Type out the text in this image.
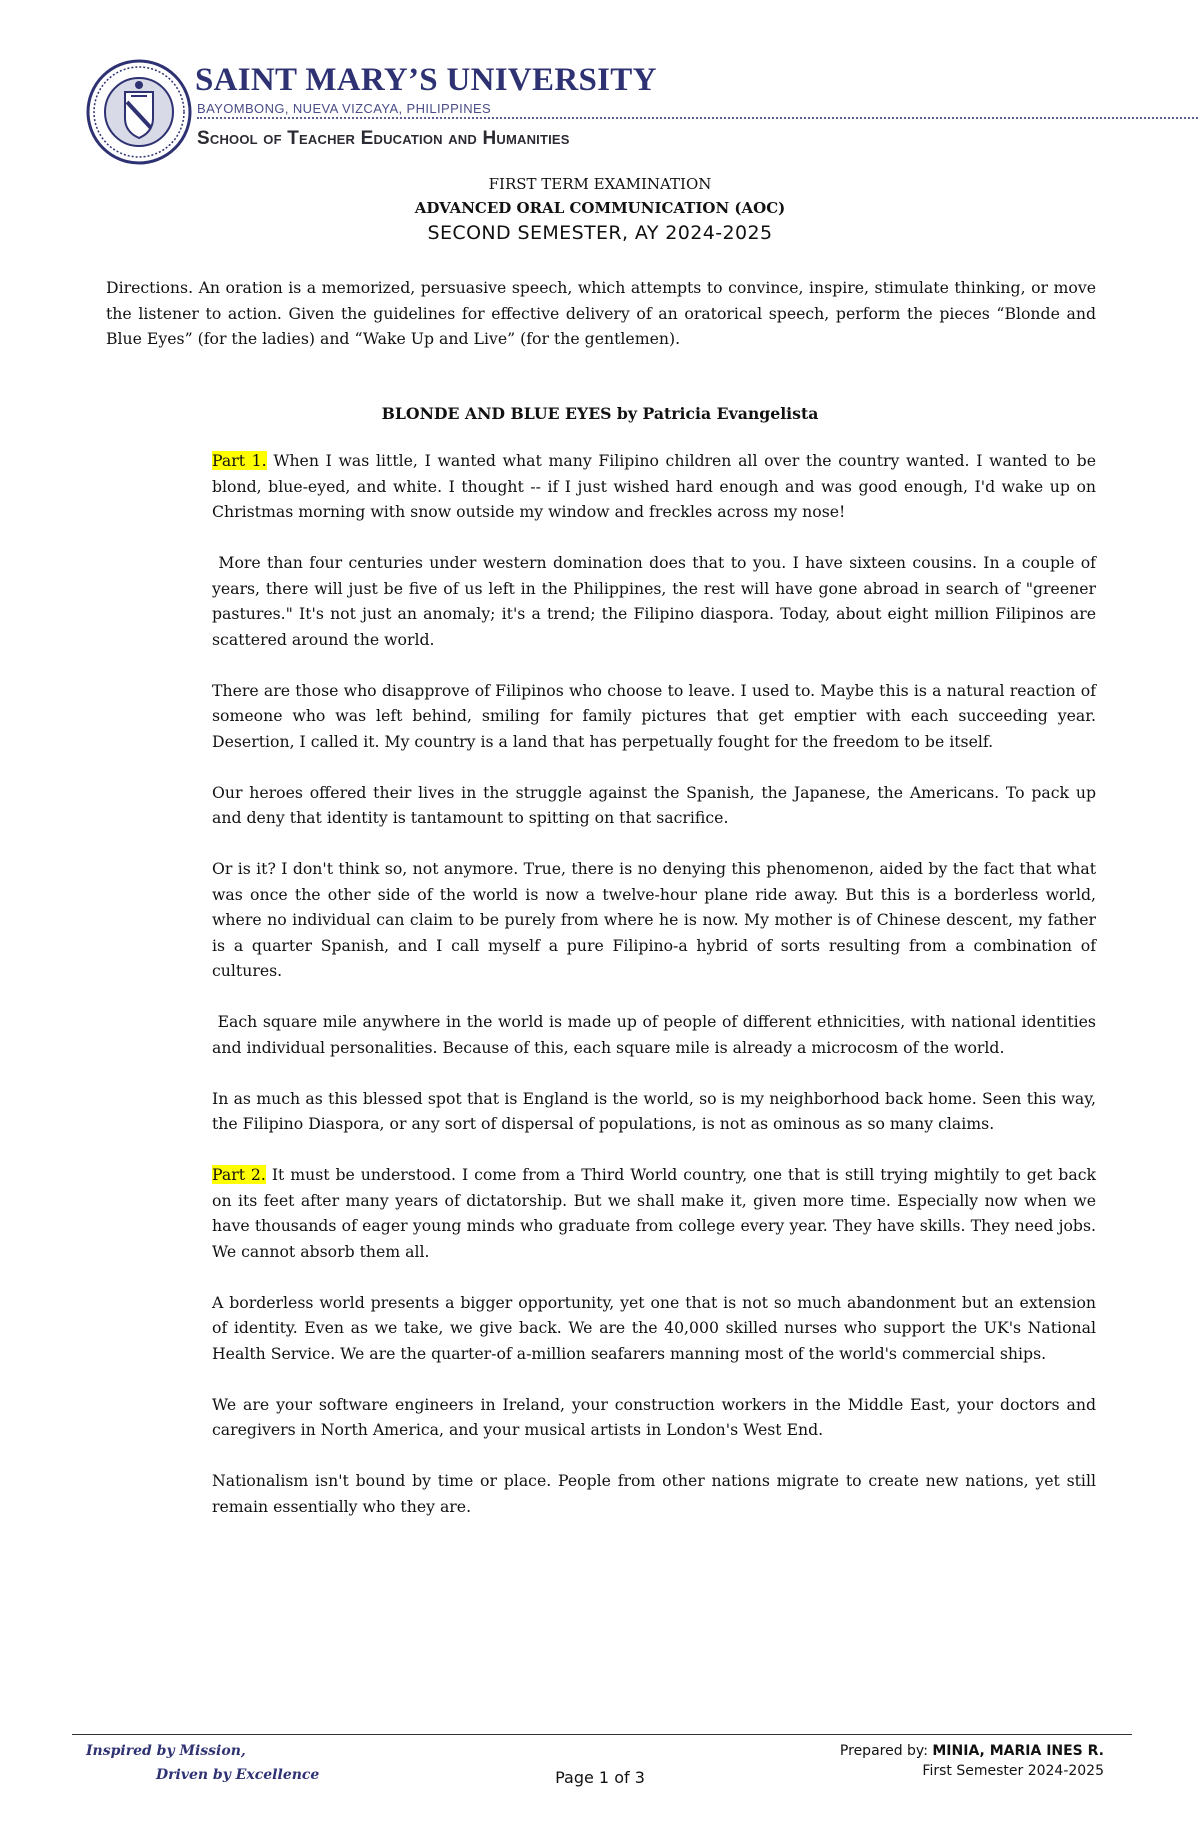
SAINT MARY’S UNIVERSITY
BAYOMBONG, NUEVA VIZCAYA, PHILIPPINES
School of Teacher Education and Humanities
FIRST TERM EXAMINATION
ADVANCED ORAL COMMUNICATION (AOC)
SECOND SEMESTER, AY 2024-2025
Directions. An oration is a memorized, persuasive speech, which attempts to convince, inspire, stimulate thinking, or move the listener to action. Given the guidelines for effective delivery of an oratorical speech, perform the pieces “Blonde and Blue Eyes” (for the ladies) and “Wake Up and Live” (for the gentlemen).
BLONDE AND BLUE EYES by Patricia Evangelista

Part 1. When I was little, I wanted what many Filipino children all over the country wanted. I wanted to be blond, blue-eyed, and white. I thought -- if I just wished hard enough and was good enough, I'd wake up on Christmas morning with snow outside my window and freckles across my nose!

More than four centuries under western domination does that to you. I have sixteen cousins. In a couple of years, there will just be five of us left in the Philippines, the rest will have gone abroad in search of "greener pastures." It's not just an anomaly; it's a trend; the Filipino diaspora. Today, about eight million Filipinos are scattered around the world.

There are those who disapprove of Filipinos who choose to leave. I used to. Maybe this is a natural reaction of someone who was left behind, smiling for family pictures that get emptier with each succeeding year. Desertion, I called it. My country is a land that has perpetually fought for the freedom to be itself.

Our heroes offered their lives in the struggle against the Spanish, the Japanese, the Americans. To pack up and deny that identity is tantamount to spitting on that sacrifice.

Or is it? I don't think so, not anymore. True, there is no denying this phenomenon, aided by the fact that what was once the other side of the world is now a twelve-hour plane ride away. But this is a borderless world, where no individual can claim to be purely from where he is now. My mother is of Chinese descent, my father is a quarter Spanish, and I call myself a pure Filipino-a hybrid of sorts resulting from a combination of cultures.

Each square mile anywhere in the world is made up of people of different ethnicities, with national identities and individual personalities. Because of this, each square mile is already a microcosm of the world.

In as much as this blessed spot that is England is the world, so is my neighborhood back home. Seen this way, the Filipino Diaspora, or any sort of dispersal of populations, is not as ominous as so many claims.

Part 2. It must be understood. I come from a Third World country, one that is still trying mightily to get back on its feet after many years of dictatorship. But we shall make it, given more time. Especially now when we have thousands of eager young minds who graduate from college every year. They have skills. They need jobs. We cannot absorb them all.

A borderless world presents a bigger opportunity, yet one that is not so much abandonment but an extension of identity. Even as we take, we give back. We are the 40,000 skilled nurses who support the UK's National Health Service. We are the quarter-of a-million seafarers manning most of the world's commercial ships.

We are your software engineers in Ireland, your construction workers in the Middle East, your doctors and caregivers in North America, and your musical artists in London's West End.

Nationalism isn't bound by time or place. People from other nations migrate to create new nations, yet still remain essentially who they are.

Inspired by Mission,
Driven by Excellence	Page 1 of 3
Prepared by: MINIA, MARIA INES R.
First Semester 2024-2025
